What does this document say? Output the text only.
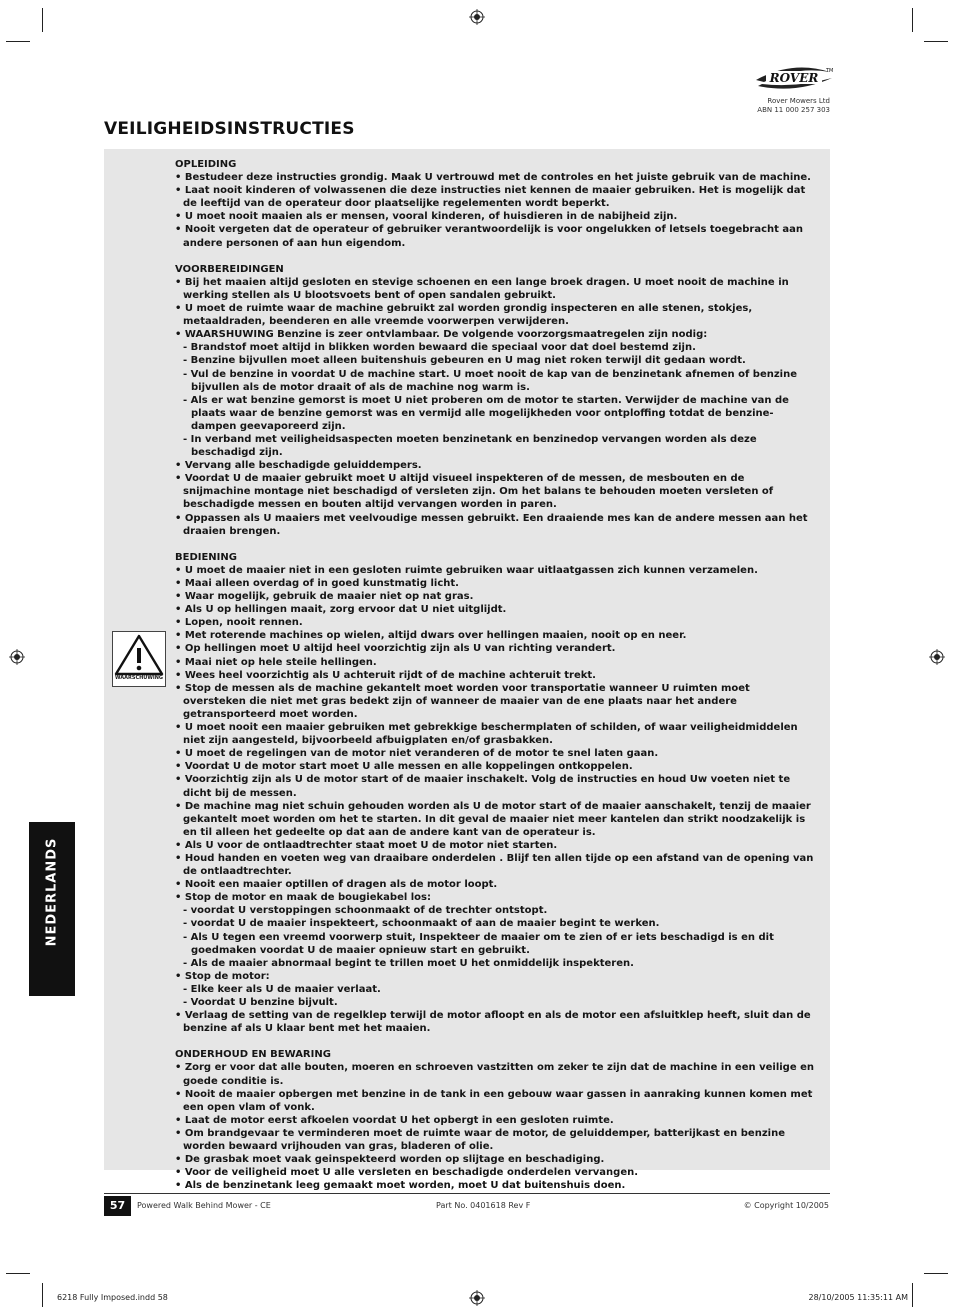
ROVER TM
Rover Mowers Ltd
ABN 11 000 257 303
VEILIGHEIDSINSTRUCTIES
WAARSCHUWING

OPLEIDING

• Bestudeer deze instructies grondig. Maak U vertrouwd met de controles en het juiste gebruik van de machine.

• Laat nooit kinderen of volwassenen die deze instructies niet kennen de maaier gebruiken. Het is mogelijk dat de leeftijd van de operateur door plaatselijke regelementen wordt beperkt.

• U moet nooit maaien als er mensen, vooral kinderen, of huisdieren in de nabijheid zijn.

• Nooit vergeten dat de operateur of gebruiker verantwoordelijk is voor ongelukken of letsels toegebracht aan andere personen of aan hun eigendom.

VOORBEREIDINGEN

• Bij het maaien altijd gesloten en stevige schoenen en een lange broek dragen. U moet nooit de machine in werking stellen als U blootsvoets bent of open sandalen gebruikt.

• U moet de ruimte waar de machine gebruikt zal worden grondig inspecteren en alle stenen, stokjes, metaaldraden, beenderen en alle vreemde voorwerpen verwijderen.

• WAARSHUWING Benzine is zeer ontvlambaar. De volgende voorzorgsmaatregelen zijn nodig:

- Brandstof moet altijd in blikken worden bewaard die speciaal voor dat doel bestemd zijn.

- Benzine bijvullen moet alleen buitenshuis gebeuren en U mag niet roken terwijl dit gedaan wordt.

- Vul de benzine in voordat U de machine start. U moet nooit de kap van de benzinetank afnemen of benzine bijvullen als de motor draait of als de machine nog warm is.

- Als er wat benzine gemorst is moet U niet proberen om de motor te starten. Verwijder de machine van de plaats waar de benzine gemorst was en vermijd alle mogelijkheden voor ontploffing totdat de benzine-dampen geevaporeerd zijn.

- In verband met veiligheidsaspecten moeten benzinetank en benzinedop vervangen worden als deze beschadigd zijn.

• Vervang alle beschadigde geluiddempers.

• Voordat U de maaier gebruikt moet U altijd visueel inspekteren of de messen, de mesbouten en de snijmachine montage niet beschadigd of versleten zijn. Om het balans te behouden moeten versleten of beschadigde messen en bouten altijd vervangen worden in paren.

• Oppassen als U maaiers met veelvoudige messen gebruikt. Een draaiende mes kan de andere messen aan het draaien brengen.

BEDIENING

• U moet de maaier niet in een gesloten ruimte gebruiken waar uitlaatgassen zich kunnen verzamelen.

• Maai alleen overdag of in goed kunstmatig licht.

• Waar mogelijk, gebruik de maaier niet op nat gras.

• Als U op hellingen maait, zorg ervoor dat U niet uitglijdt.

• Lopen, nooit rennen.

• Met roterende machines op wielen, altijd dwars over hellingen maaien, nooit op en neer.

• Op hellingen moet U altijd heel voorzichtig zijn als U van richting verandert.

• Maai niet op hele steile hellingen.

• Wees heel voorzichtig als U achteruit rijdt of de machine achteruit trekt.

• Stop de messen als de machine gekantelt moet worden voor transportatie wanneer U ruimten moet oversteken die niet met gras bedekt zijn of wanneer de maaier van de ene plaats naar het andere getransporteerd moet worden.

• U moet nooit een maaier gebruiken met gebrekkige beschermplaten of schilden, of waar veiligheidmiddelen niet zijn aangesteld, bijvoorbeeld afbuigplaten en/of grasbakken.

• U moet de regelingen van de motor niet veranderen of de motor te snel laten gaan.

• Voordat U de motor start moet U alle messen en alle koppelingen ontkoppelen.

• Voorzichtig zijn als U de motor start of de maaier inschakelt. Volg de instructies en houd Uw voeten niet te dicht bij de messen.

• De machine mag niet schuin gehouden worden als U de motor start of de maaier aanschakelt, tenzij de maaier gekantelt moet worden om het te starten. In dit geval de maaier niet meer kantelen dan strikt noodzakelijk is en til alleen het gedeelte op dat aan de andere kant van de operateur is.

• Als U voor de ontlaadtrechter staat moet U de motor niet starten.

• Houd handen en voeten weg van draaibare onderdelen . Blijf ten allen tijde op een afstand van de opening van de ontlaadtrechter.

• Nooit een maaier optillen of dragen als de motor loopt.

• Stop de motor en maak de bougiekabel los:

- voordat U verstoppingen schoonmaakt of de trechter ontstopt.

- voordat U de maaier inspekteert, schoonmaakt of aan de maaier begint te werken.

- Als U tegen een vreemd voorwerp stuit, Inspekteer de maaier om te zien of er iets beschadigd is en dit goedmaken voordat U de maaier opnieuw start en gebruikt.

- Als de maaier abnormaal begint te trillen moet U het onmiddelijk inspekteren.

• Stop de motor:

- Elke keer als U de maaier verlaat.

- Voordat U benzine bijvult.

• Verlaag de setting van de regelklep terwijl de motor afloopt en als de motor een afsluitklep heeft, sluit dan de benzine af als U klaar bent met het maaien.

ONDERHOUD EN BEWARING

• Zorg er voor dat alle bouten, moeren en schroeven vastzitten om zeker te zijn dat de machine in een veilige en goede conditie is.

• Nooit de maaier opbergen met benzine in de tank in een gebouw waar gassen in aanraking kunnen komen met een open vlam of vonk.

• Laat de motor eerst afkoelen voordat U het opbergt in een gesloten ruimte.

• Om brandgevaar te verminderen moet de ruimte waar de motor, de geluiddemper, batterijkast en benzine worden bewaard vrijhouden van gras, bladeren of olie.

• De grasbak moet vaak geinspekteerd worden op slijtage en beschadiging.

• Voor de veiligheid moet U alle versleten en beschadigde onderdelen vervangen.

• Als de benzinetank leeg gemaakt moet worden, moet U dat buitenshuis doen.

NEDERLANDS
57	Powered Walk Behind Mower - CE	Part No. 0401618 Rev F	© Copyright 10/2005
6218 Fully Imposed.indd 58	28/10/2005 11:35:11 AM
